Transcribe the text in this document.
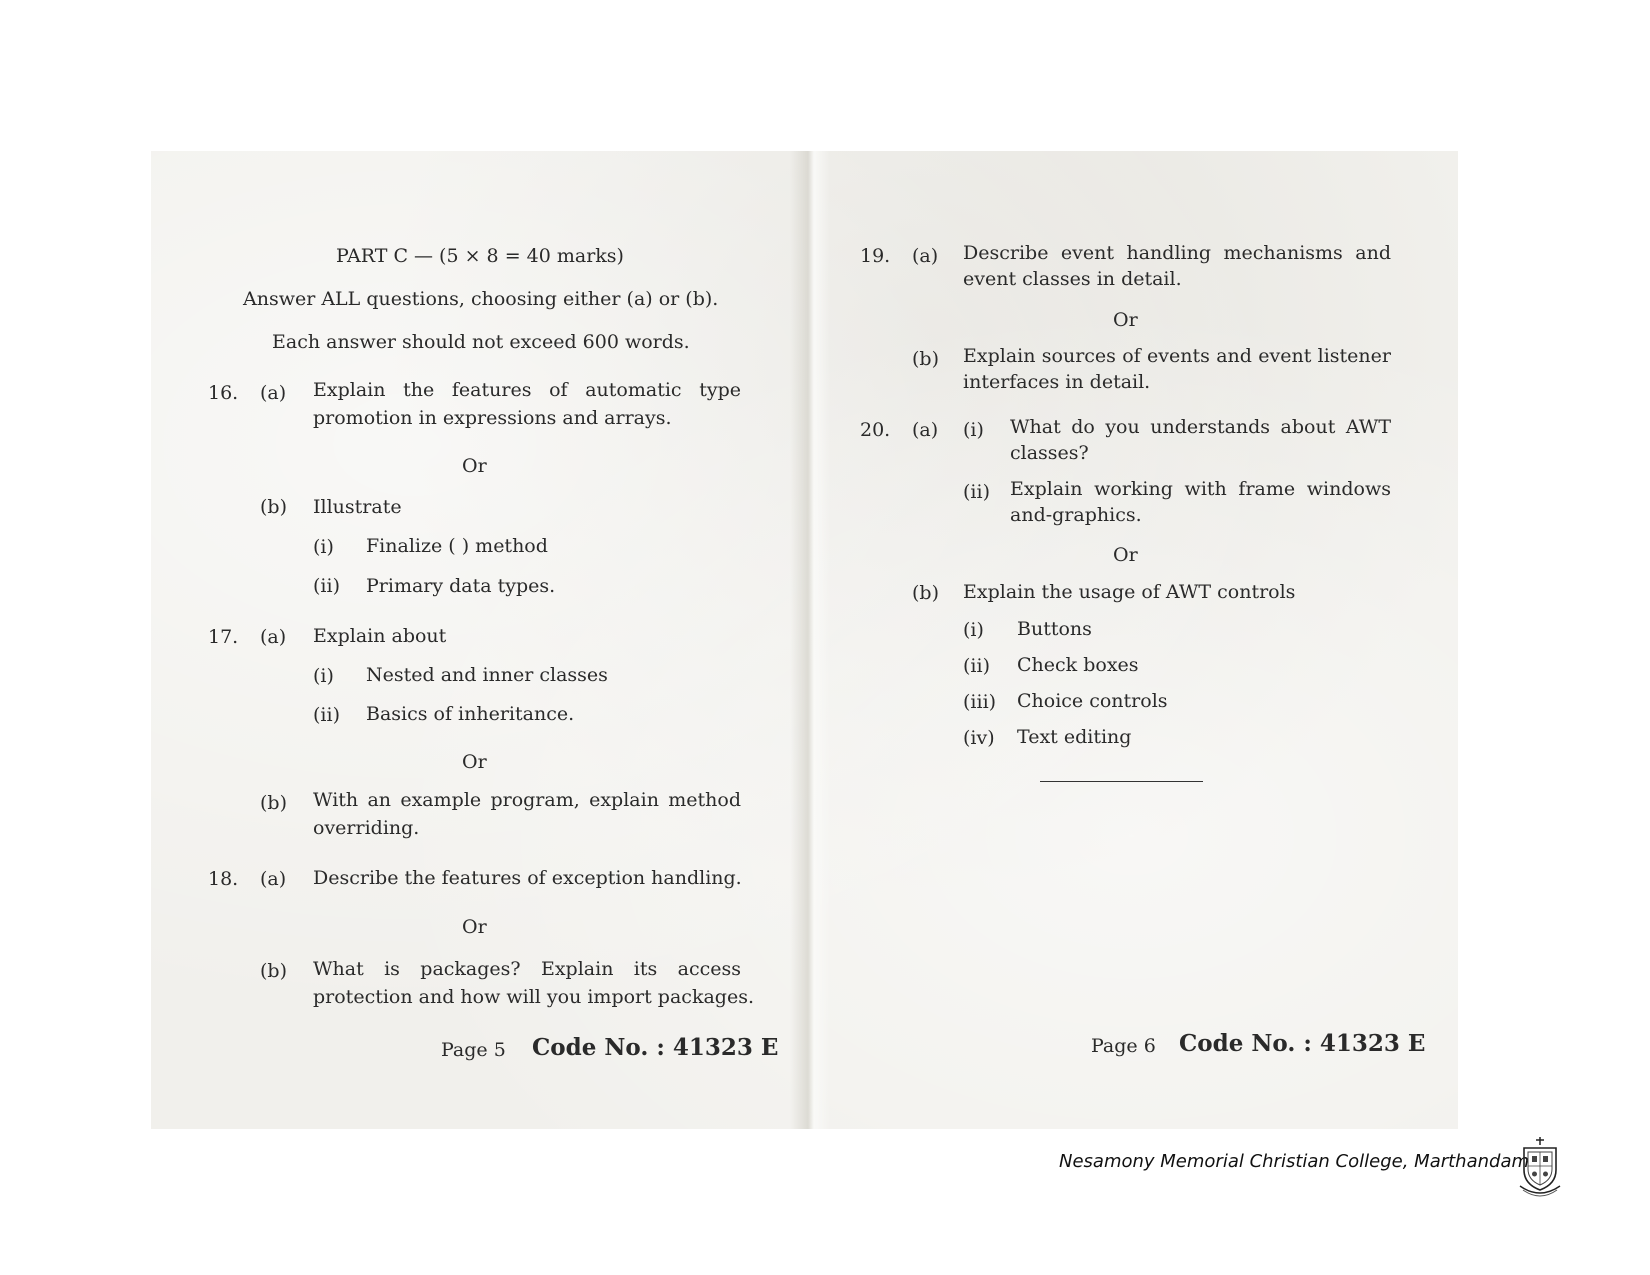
PART C — (5 × 8 = 40 marks)
Answer ALL questions, choosing either (a) or (b).
Each answer should not exceed 600 words.
16. (a) Explain the features of automatic type
promotion in expressions and arrays.
Or
(b) Illustrate
(i) Finalize ( ) method
(ii) Primary data types.
17. (a) Explain about
(i) Nested and inner classes
(ii) Basics of inheritance.
Or
(b) With an example program, explain method
overriding.
18. (a) Describe the features of exception handling.
Or
(b) What is packages? Explain its access
protection and how will you import packages.
Page 5 Code No. : 41323 E
19. (a) Describe event handling mechanisms and
event classes in detail.
Or
(b) Explain sources of events and event listener
interfaces in detail.
20. (a) (i) What do you understands about AWT
classes?
(ii) Explain working with frame windows
and-graphics.
Or
(b) Explain the usage of AWT controls
(i) Buttons
(ii) Check boxes
(iii) Choice controls
(iv) Text editing
Page 6 Code No. : 41323 E
Nesamony Memorial Christian College, Marthandam
